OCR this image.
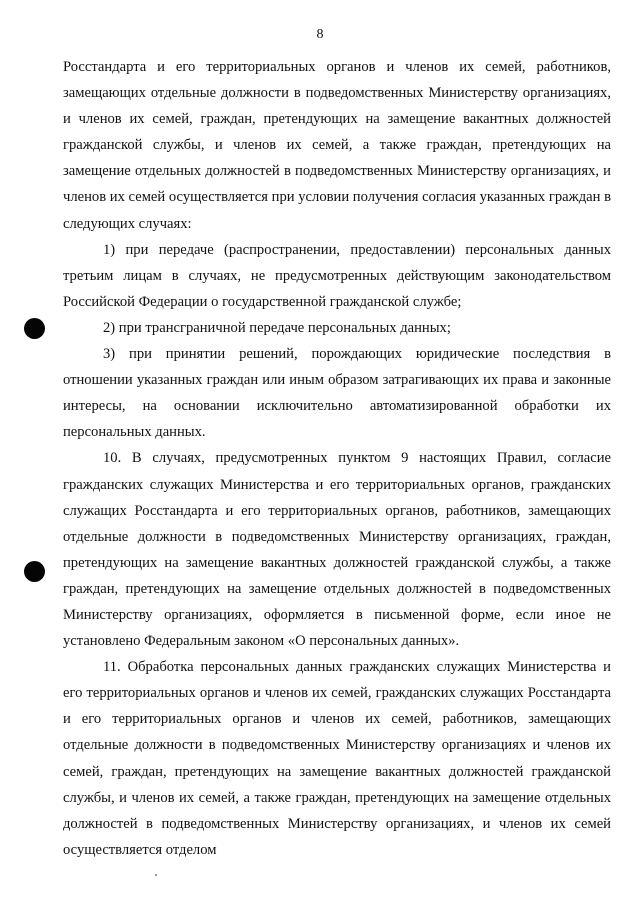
8

Росстандарта и его территориальных органов и членов их семей, работников, замещающих отдельные должности в подведомственных Министерству организациях, и членов их семей, граждан, претендующих на замещение вакантных должностей гражданской службы, и членов их семей, а также граждан, претендующих на замещение отдельных должностей в подведомственных Министерству организациях, и членов их семей осуществляется при условии получения согласия указанных граждан в следующих случаях:

1) при передаче (распространении, предоставлении) персональных данных третьим лицам в случаях, не предусмотренных действующим законодательством Российской Федерации о государственной гражданской службе;

2) при трансграничной передаче персональных данных;

3) при принятии решений, порождающих юридические последствия в отношении указанных граждан или иным образом затрагивающих их права и законные интересы, на основании исключительно автоматизированной обработки их персональных данных.

10. В случаях, предусмотренных пунктом 9 настоящих Правил, согласие гражданских служащих Министерства и его территориальных органов, гражданских служащих Росстандарта и его территориальных органов, работников, замещающих отдельные должности в подведомственных Министерству организациях, граждан, претендующих на замещение вакантных должностей гражданской службы, а также граждан, претендующих на замещение отдельных должностей в подведомственных Министерству организациях, оформляется в письменной форме, если иное не установлено Федеральным законом «О персональных данных».

11. Обработка персональных данных гражданских служащих Министерства и его территориальных органов и членов их семей, гражданских служащих Росстандарта и его территориальных органов и членов их семей, работников, замещающих отдельные должности в подведомственных Министерству организациях и членов их семей, граждан, претендующих на замещение вакантных должностей гражданской службы, и членов их семей, а также граждан, претендующих на замещение отдельных должностей в подведомственных Министерству организациях, и членов их семей осуществляется отделом
